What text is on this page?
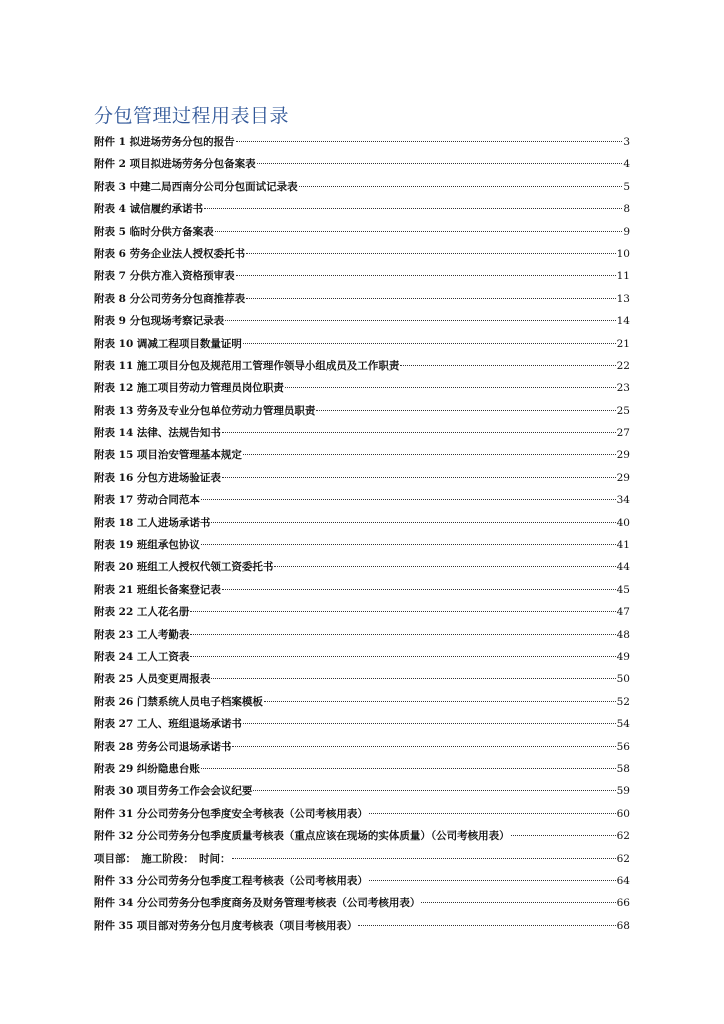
分包管理过程用表目录
附件 1 拟进场劳务分包的报告	3
附件 2 项目拟进场劳务分包备案表	4
附表 3 中建二局西南分公司分包面试记录表	5
附表 4 诚信履约承诺书	8
附表 5 临时分供方备案表	9
附表 6 劳务企业法人授权委托书	10
附表 7 分供方准入资格预审表	11
附表 8 分公司劳务分包商推荐表	13
附表 9 分包现场考察记录表	14
附表 10 调减工程项目数量证明	21
附表 11 施工项目分包及规范用工管理作领导小组成员及工作职责	22
附表 12 施工项目劳动力管理员岗位职责	23
附表 13 劳务及专业分包单位劳动力管理员职责	25
附表 14 法律、法规告知书	27
附表 15 项目治安管理基本规定	29
附表 16 分包方进场验证表	29
附表 17 劳动合同范本	34
附表 18 工人进场承诺书	40
附表 19 班组承包协议	41
附表 20 班组工人授权代领工资委托书	44
附表 21 班组长备案登记表	45
附表 22 工人花名册	47
附表 23 工人考勤表	48
附表 24 工人工资表	49
附表 25 人员变更周报表	50
附表 26 门禁系统人员电子档案模板	52
附表 27 工人、班组退场承诺书	54
附表 28 劳务公司退场承诺书	56
附表 29 纠纷隐患台账	58
附表 30 项目劳务工作会会议纪要	59
附件 31 分公司劳务分包季度安全考核表（公司考核用表）	60
附件 32 分公司劳务分包季度质量考核表（重点应该在现场的实体质量）（公司考核用表）	62
项目部：　施工阶段：　时间：	62
附件 33 分公司劳务分包季度工程考核表（公司考核用表）	64
附件 34 分公司劳务分包季度商务及财务管理考核表（公司考核用表）	66
附件 35 项目部对劳务分包月度考核表（项目考核用表）	68
